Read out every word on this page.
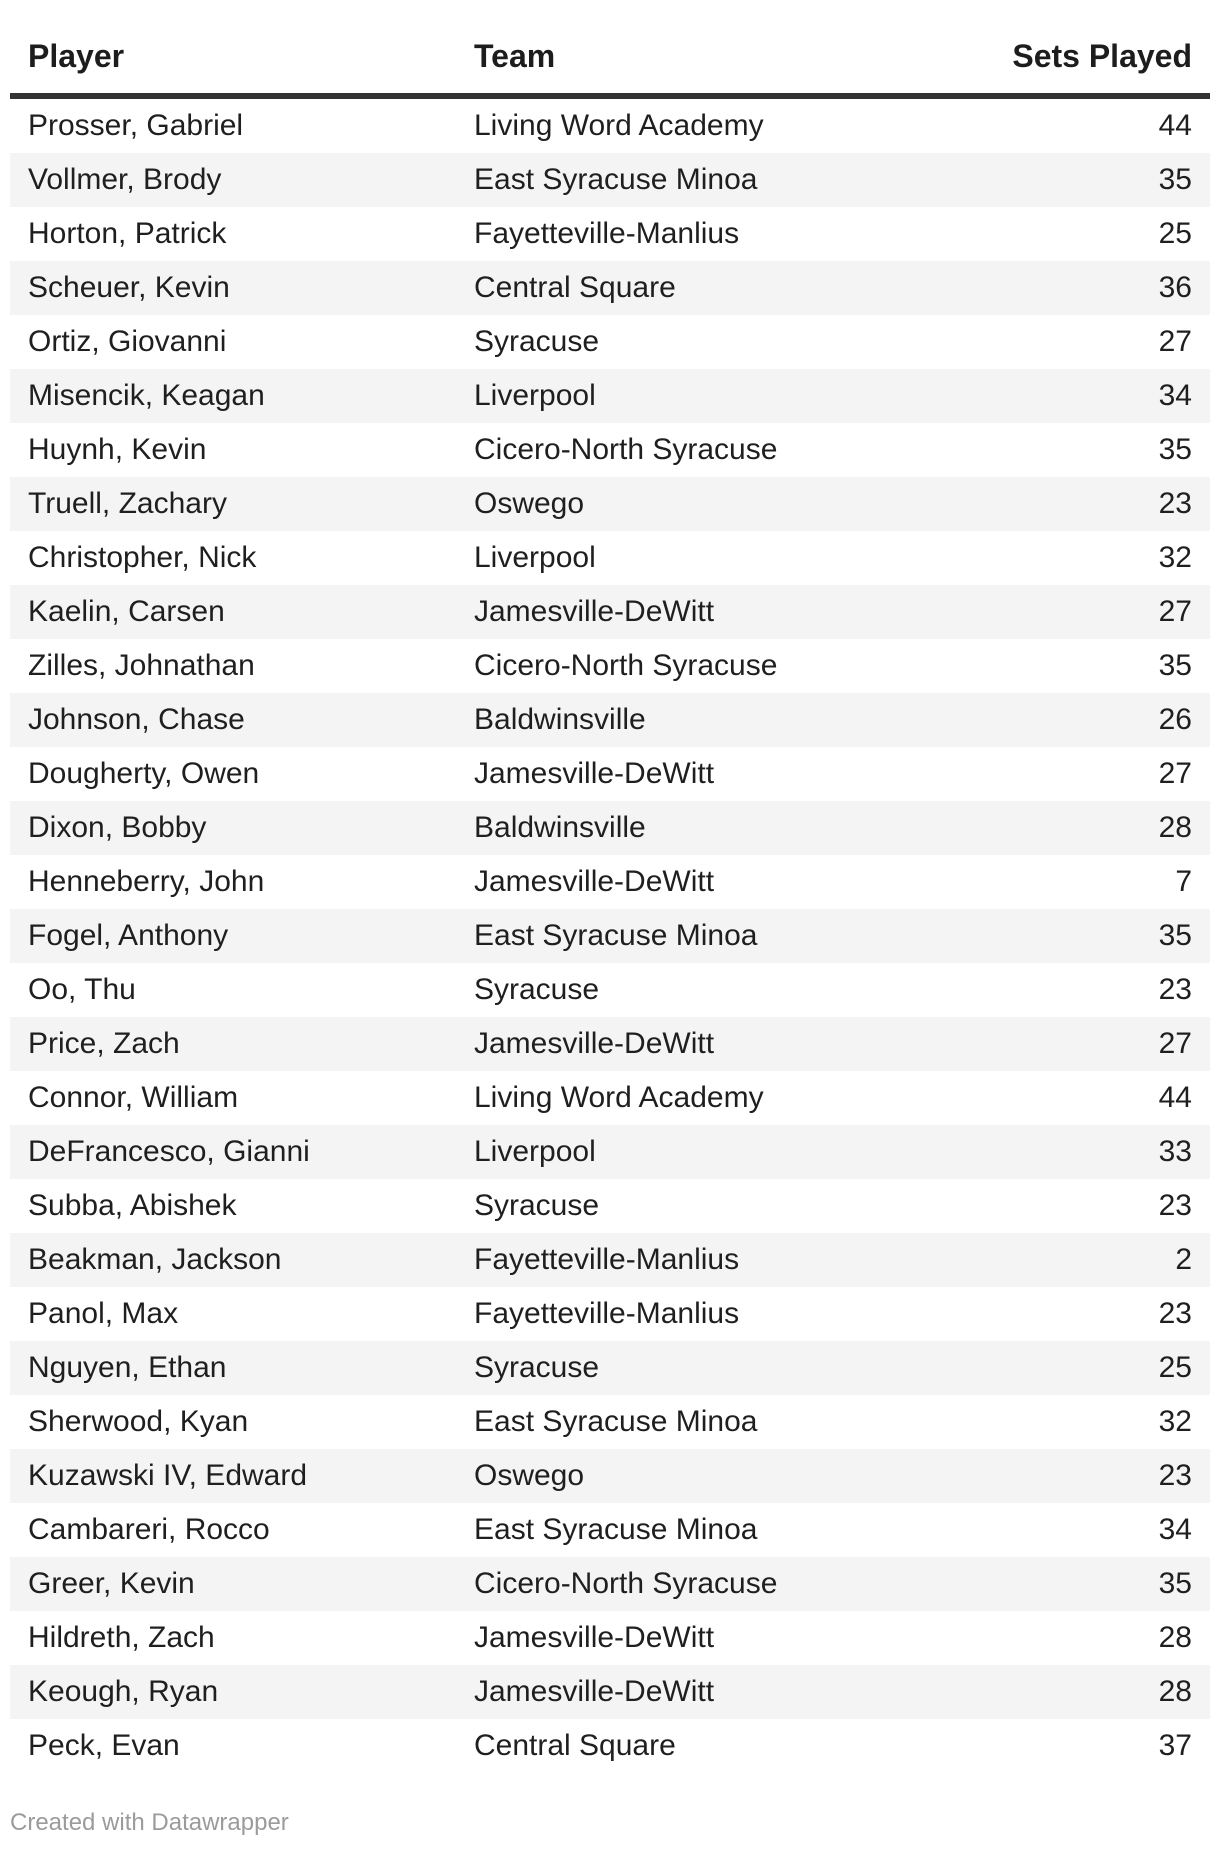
Player	Team	Sets Played
Prosser, Gabriel	Living Word Academy	44
Vollmer, Brody	East Syracuse Minoa	35
Horton, Patrick	Fayetteville-Manlius	25
Scheuer, Kevin	Central Square	36
Ortiz, Giovanni	Syracuse	27
Misencik, Keagan	Liverpool	34
Huynh, Kevin	Cicero-North Syracuse	35
Truell, Zachary	Oswego	23
Christopher, Nick	Liverpool	32
Kaelin, Carsen	Jamesville-DeWitt	27
Zilles, Johnathan	Cicero-North Syracuse	35
Johnson, Chase	Baldwinsville	26
Dougherty, Owen	Jamesville-DeWitt	27
Dixon, Bobby	Baldwinsville	28
Henneberry, John	Jamesville-DeWitt	7
Fogel, Anthony	East Syracuse Minoa	35
Oo, Thu	Syracuse	23
Price, Zach	Jamesville-DeWitt	27
Connor, William	Living Word Academy	44
DeFrancesco, Gianni	Liverpool	33
Subba, Abishek	Syracuse	23
Beakman, Jackson	Fayetteville-Manlius	2
Panol, Max	Fayetteville-Manlius	23
Nguyen, Ethan	Syracuse	25
Sherwood, Kyan	East Syracuse Minoa	32
Kuzawski IV, Edward	Oswego	23
Cambareri, Rocco	East Syracuse Minoa	34
Greer, Kevin	Cicero-North Syracuse	35
Hildreth, Zach	Jamesville-DeWitt	28
Keough, Ryan	Jamesville-DeWitt	28
Peck, Evan	Central Square	37
Created with Datawrapper
